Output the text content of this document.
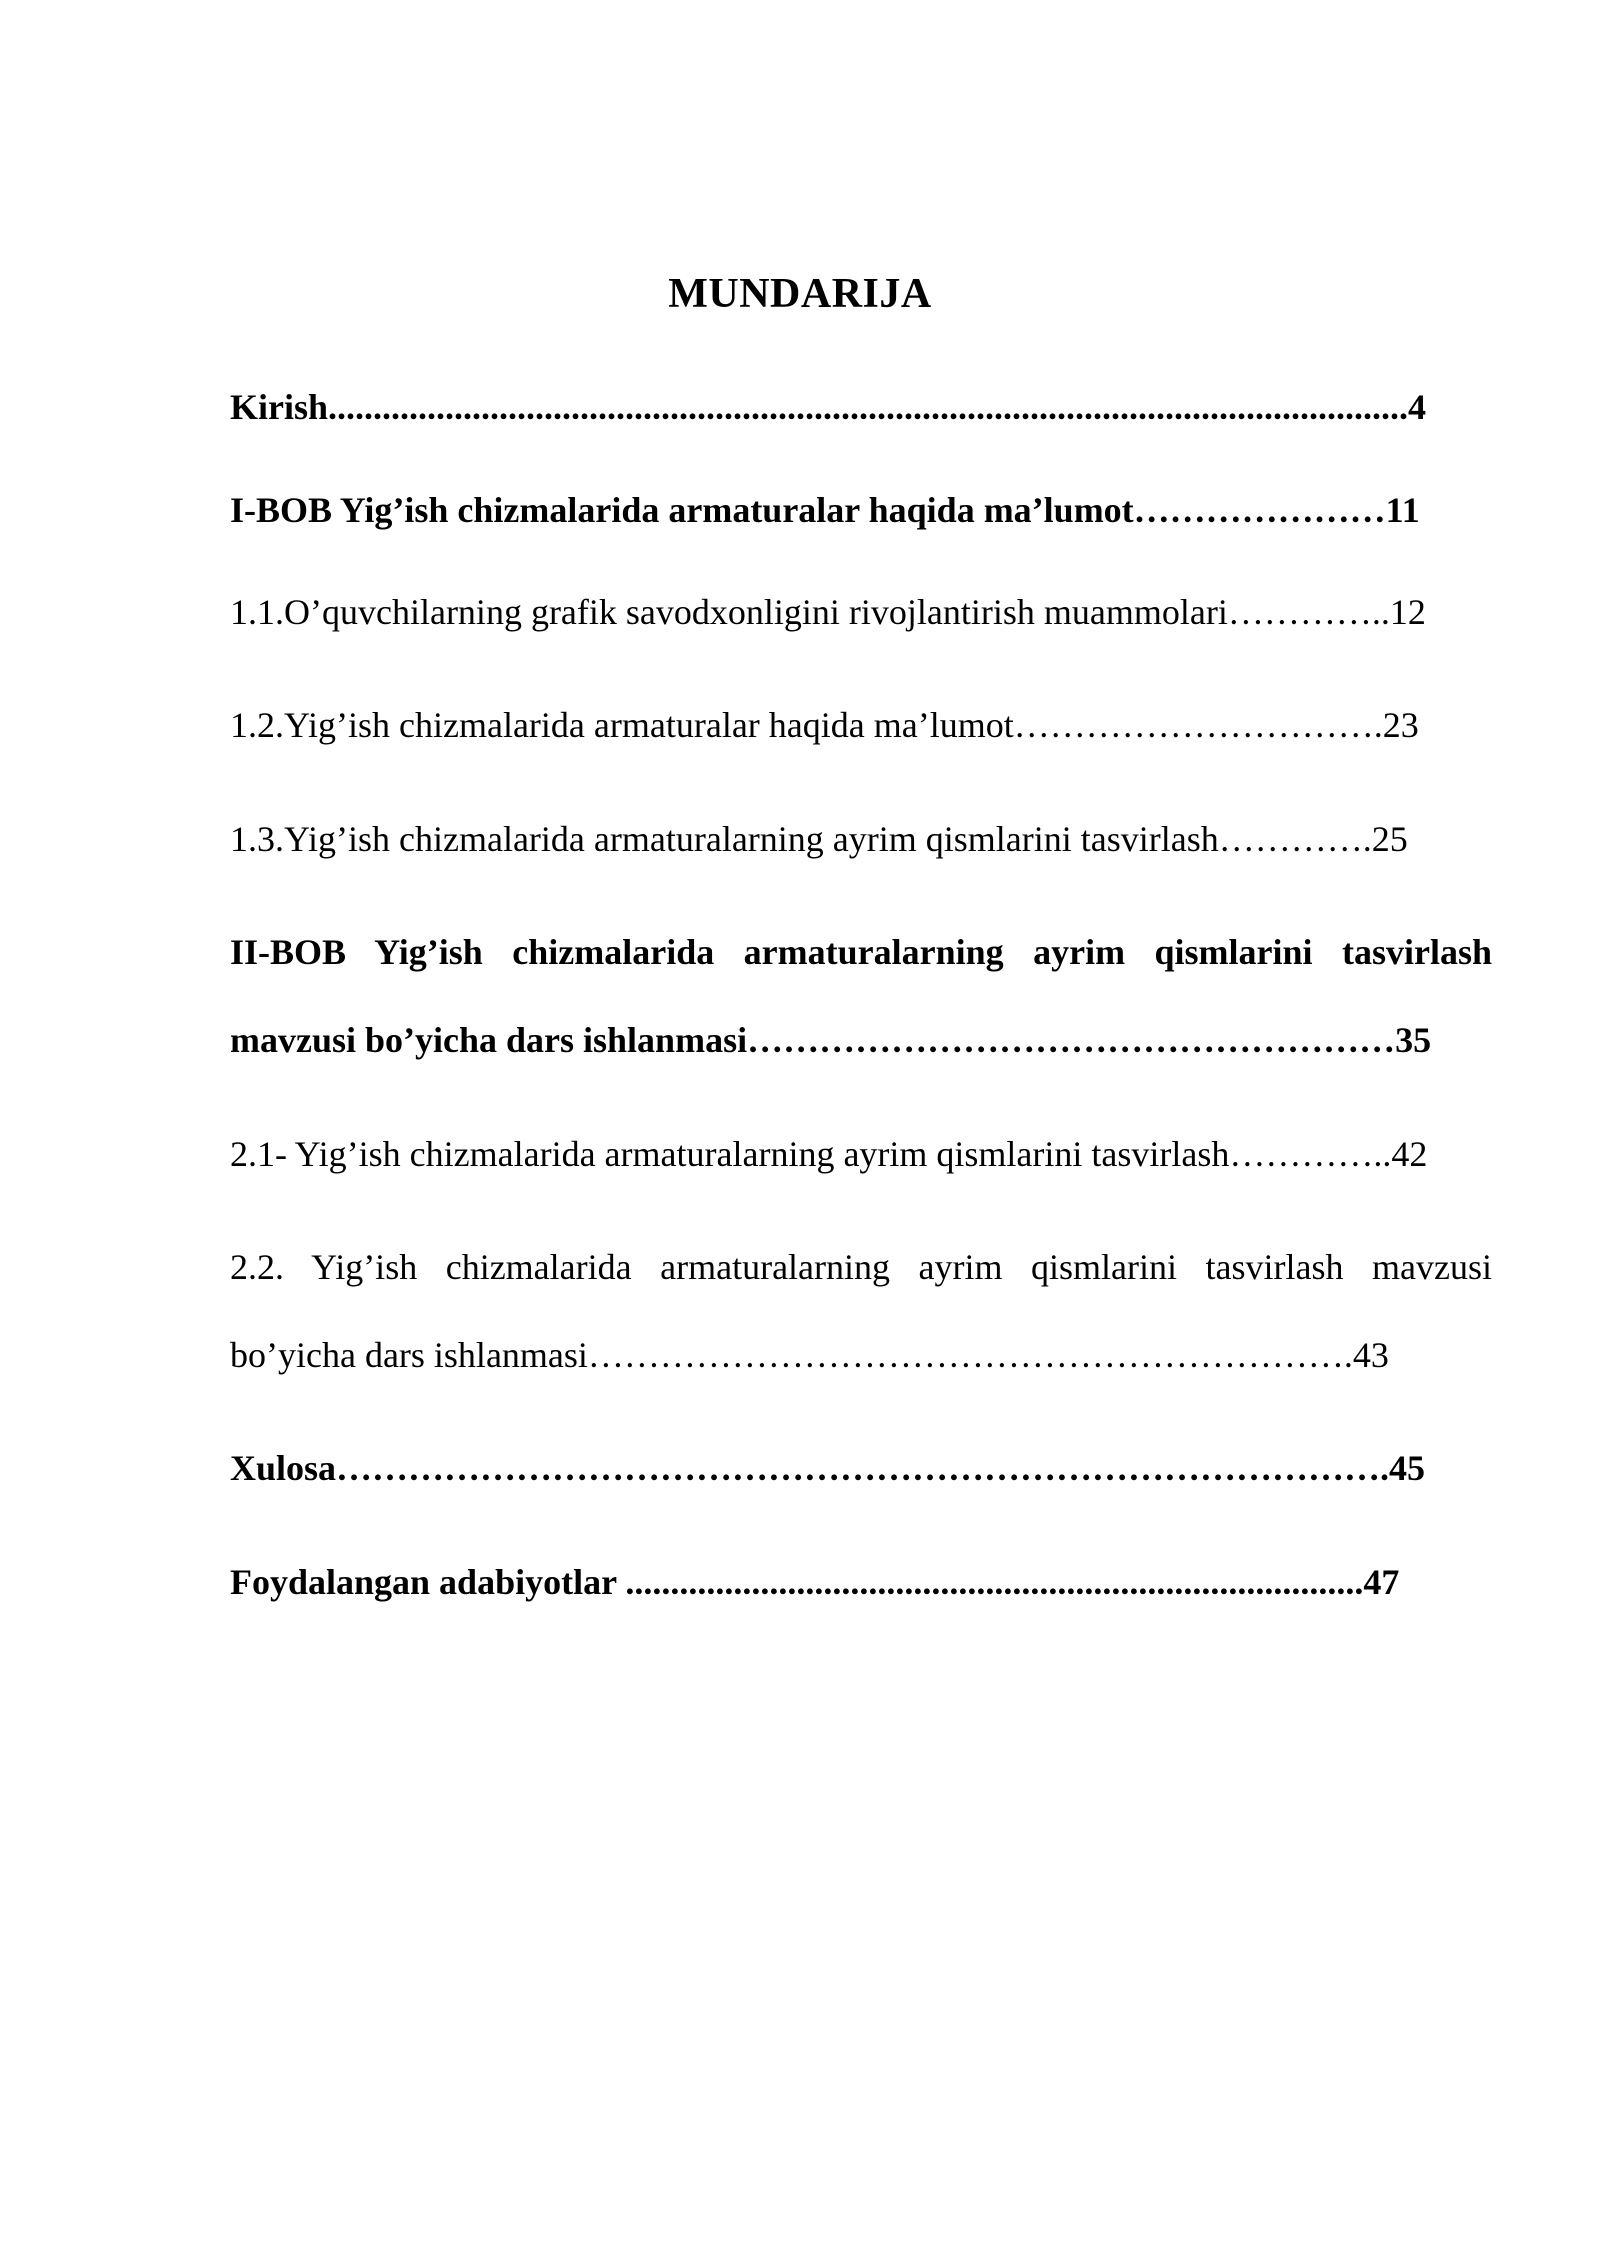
MUNDARIJA
Kirish........................................................................................................................4
I-BOB Yig’ish chizmalarida armaturalar haqida ma’lumot…………………11
1.1.O’quvchilarning grafik savodxonligini rivojlantirish muammolari…………..12
1.2.Yig’ish chizmalarida armaturalar haqida ma’lumot………………………….23
1.3.Yig’ish chizmalarida armaturalarning ayrim qismlarini tasvirlash………….25
II-BOB Yig’ish chizmalarida armaturalarning ayrim qismlarini tasvirlash
mavzusi bo’yicha dars ishlanmasi………………………………………………35
2.1- Yig’ish chizmalarida armaturalarning ayrim qismlarini tasvirlash…………..42
2.2. Yig’ish chizmalarida armaturalarning ayrim qismlarini tasvirlash mavzusi
bo’yicha dars ishlanmasi……………………………………………………….43
Xulosa…………………………………………………………………………….45
Foydalangan adabiyotlar ..................................................................................47
